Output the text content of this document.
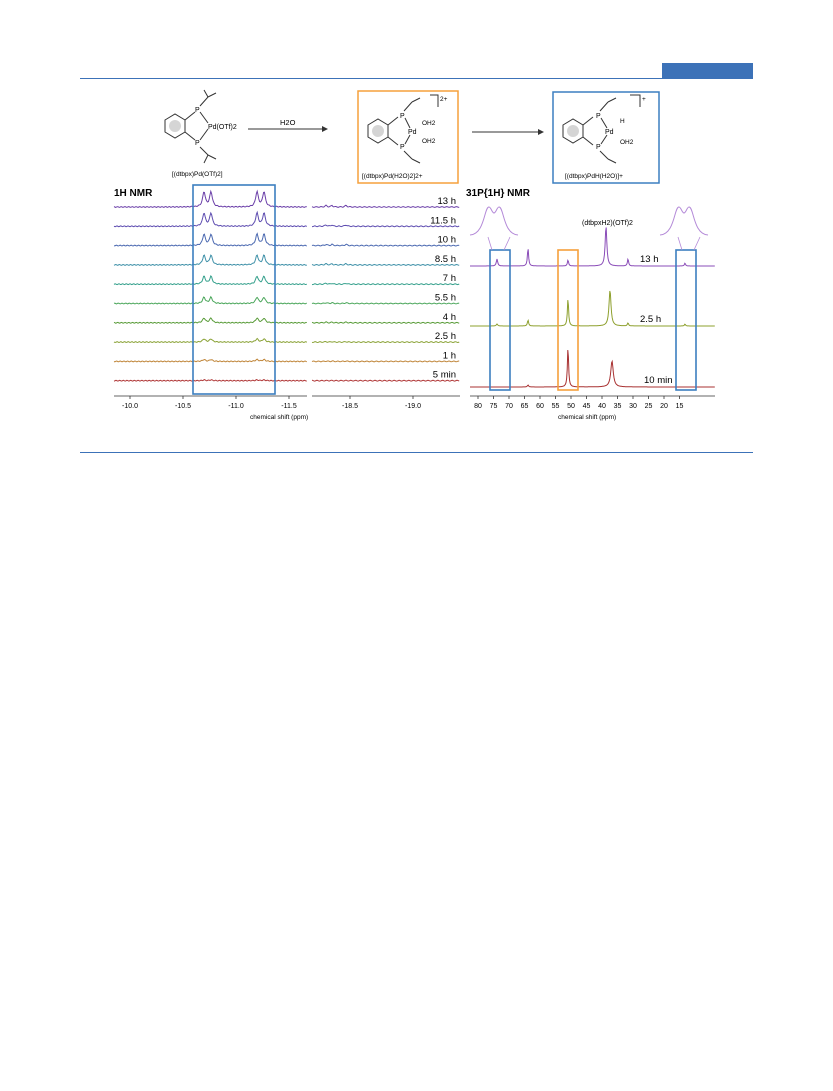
P
P
Pd(OTf)2
[(dtbpx)Pd(OTf)2]
H2O
P
P
Pd
OH2
OH2
2+
[(dtbpx)Pd(H2O)2]2+
P
P
Pd
H
OH2
+
[(dtbpx)PdH(H2O)]+
1H NMR
13 h
11.5 h
10 h
8.5 h
7 h
5.5 h
4 h
2.5 h
1 h
5 min
-10.0	-10.5	-11.0	-11.5	-18.5	-19.0
chemical shift (ppm)
31P{1H} NMR
(dtbpxH2)(OTf)2
13 h
2.5 h
10 min
80 75 70 65 60 55 50 45 40 35 30 25 20 15
chemical shift (ppm)
